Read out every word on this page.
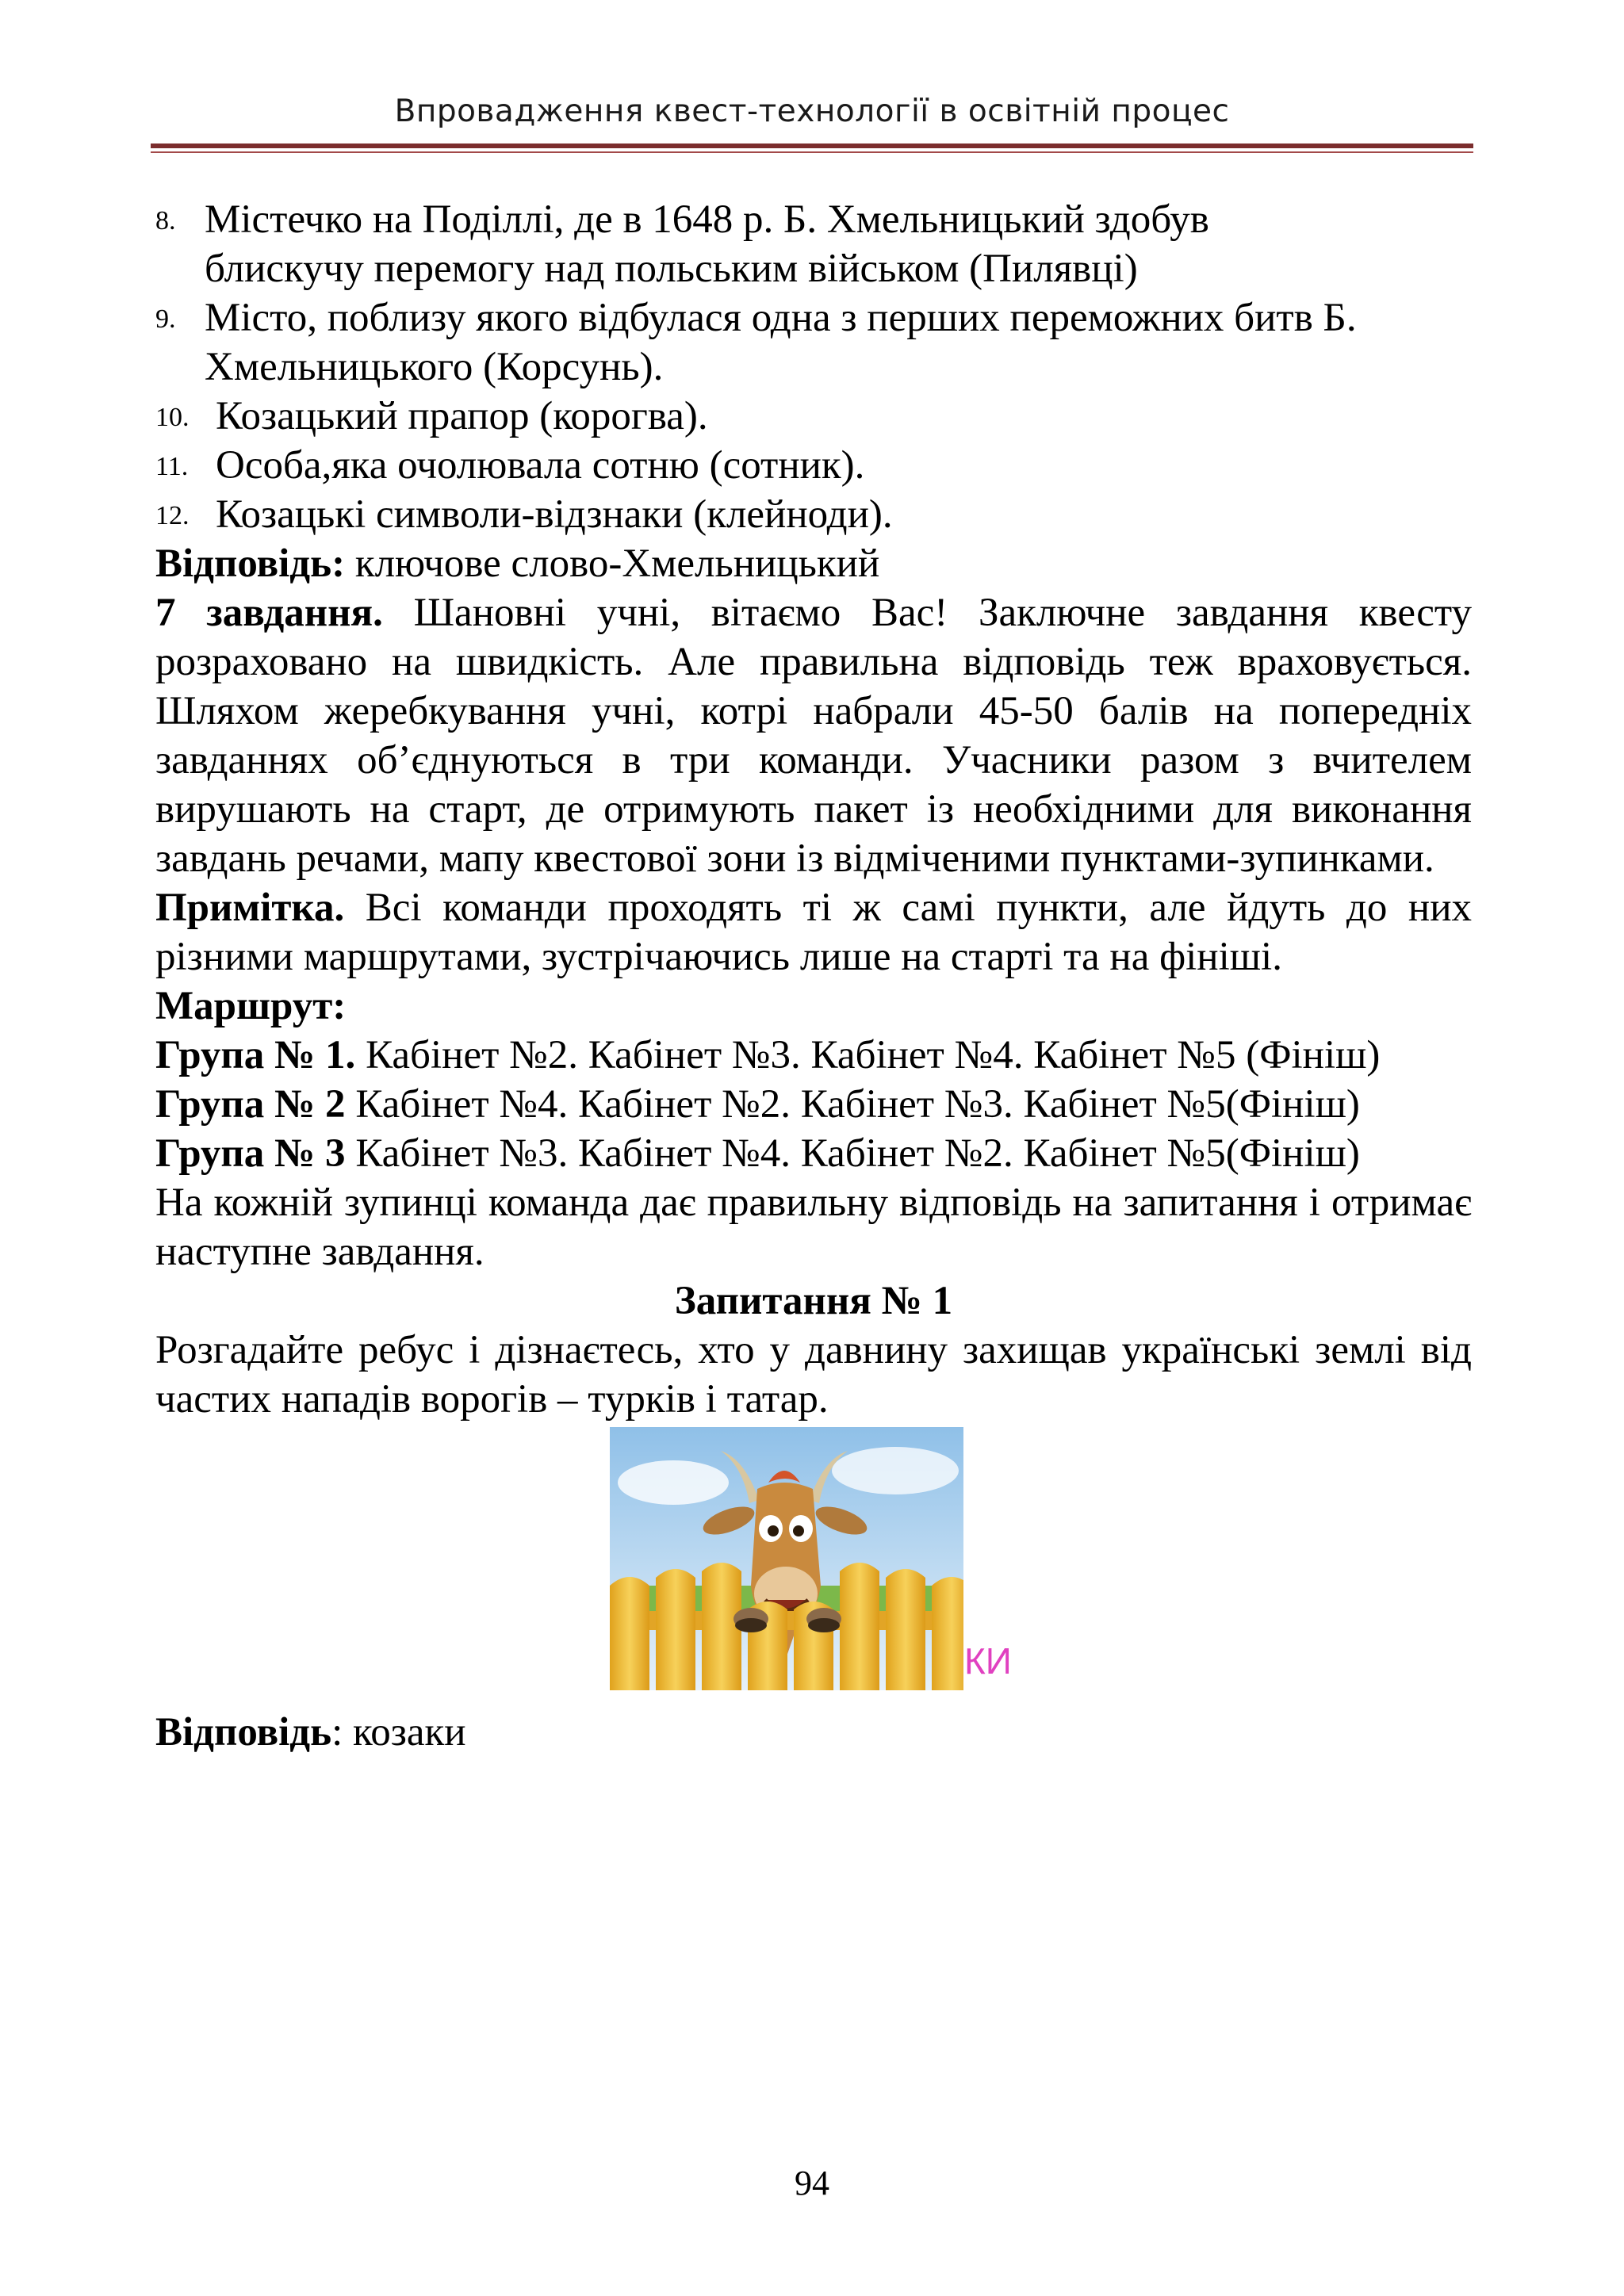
Впровадження квест-технології в освітній процес
8. Містечко на Поділлі, де в 1648 р. Б. Хмельницький здобув
блискучу перемогу над польським військом (Пилявці)
9. Місто, поблизу якого відбулася одна з перших переможних битв Б.
Хмельницького (Корсунь).
10. Козацький прапор (корогва).
11. Особа,яка очолювала сотню (сотник).
12. Козацькі символи-відзнаки (клейноди).
Відповідь: ключове слово-Хмельницький
7 завдання. Шановні учні, вітаємо Вас! Заключне завдання квесту розраховано на швидкість. Але правильна відповідь теж враховується. Шляхом жеребкування учні, котрі набрали 45-50 балів на попередніх завданнях об’єднуються в три команди. Учасники разом з вчителем вирушають на старт, де отримують пакет із необхідними для виконання завдань речами, мапу квестової зони із відміченими пунктами-зупинками.
Примітка. Всі команди проходять ті ж самі пункти, але йдуть до них різними маршрутами, зустрічаючись лише на старті та на фініші.
Маршрут:
Група № 1. Кабінет №2. Кабінет №3. Кабінет №4. Кабінет №5 (Фініш)
Група № 2 Кабінет №4. Кабінет №2. Кабінет №3. Кабінет №5(Фініш)
Група № 3 Кабінет №3. Кабінет №4. Кабінет №2. Кабінет №5(Фініш)
На кожній зупинці команда дає правильну відповідь на запитання і отримає наступне завдання.
Запитання № 1
Розгадайте ребус і дізнаєтесь, хто у давнину захищав українські землі від частих нападів ворогів – турків і татар.
КИ
Відповідь: козаки
94
